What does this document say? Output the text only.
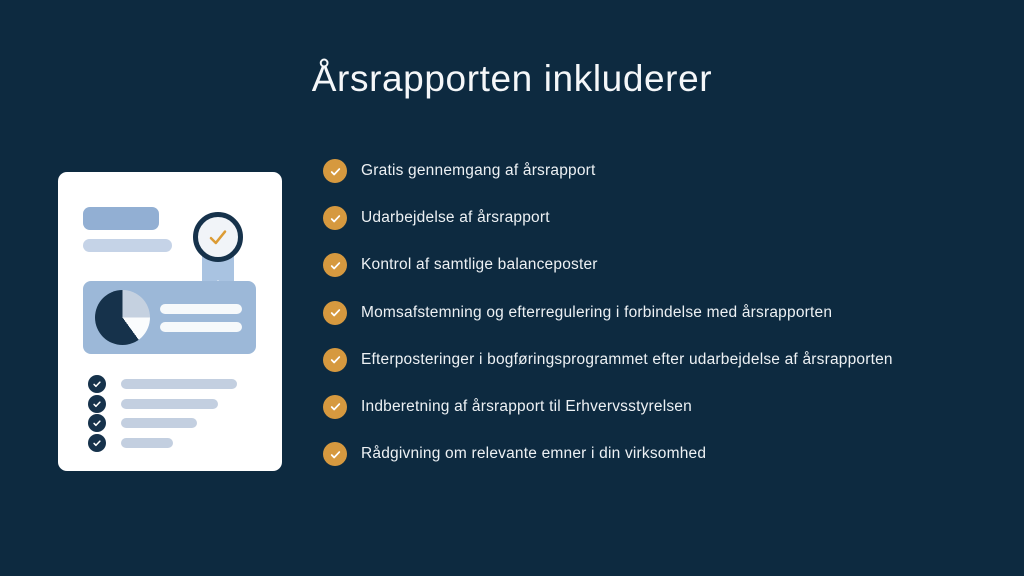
Årsrapporten inkluderer
Gratis gennemgang af årsrapport
Udarbejdelse af årsrapport
Kontrol af samtlige balanceposter
Momsafstemning og efterregulering i forbindelse med årsrapporten
Efterposteringer i bogføringsprogrammet efter udarbejdelse af årsrapporten
Indberetning af årsrapport til Erhvervsstyrelsen
Rådgivning om relevante emner i din virksomhed
